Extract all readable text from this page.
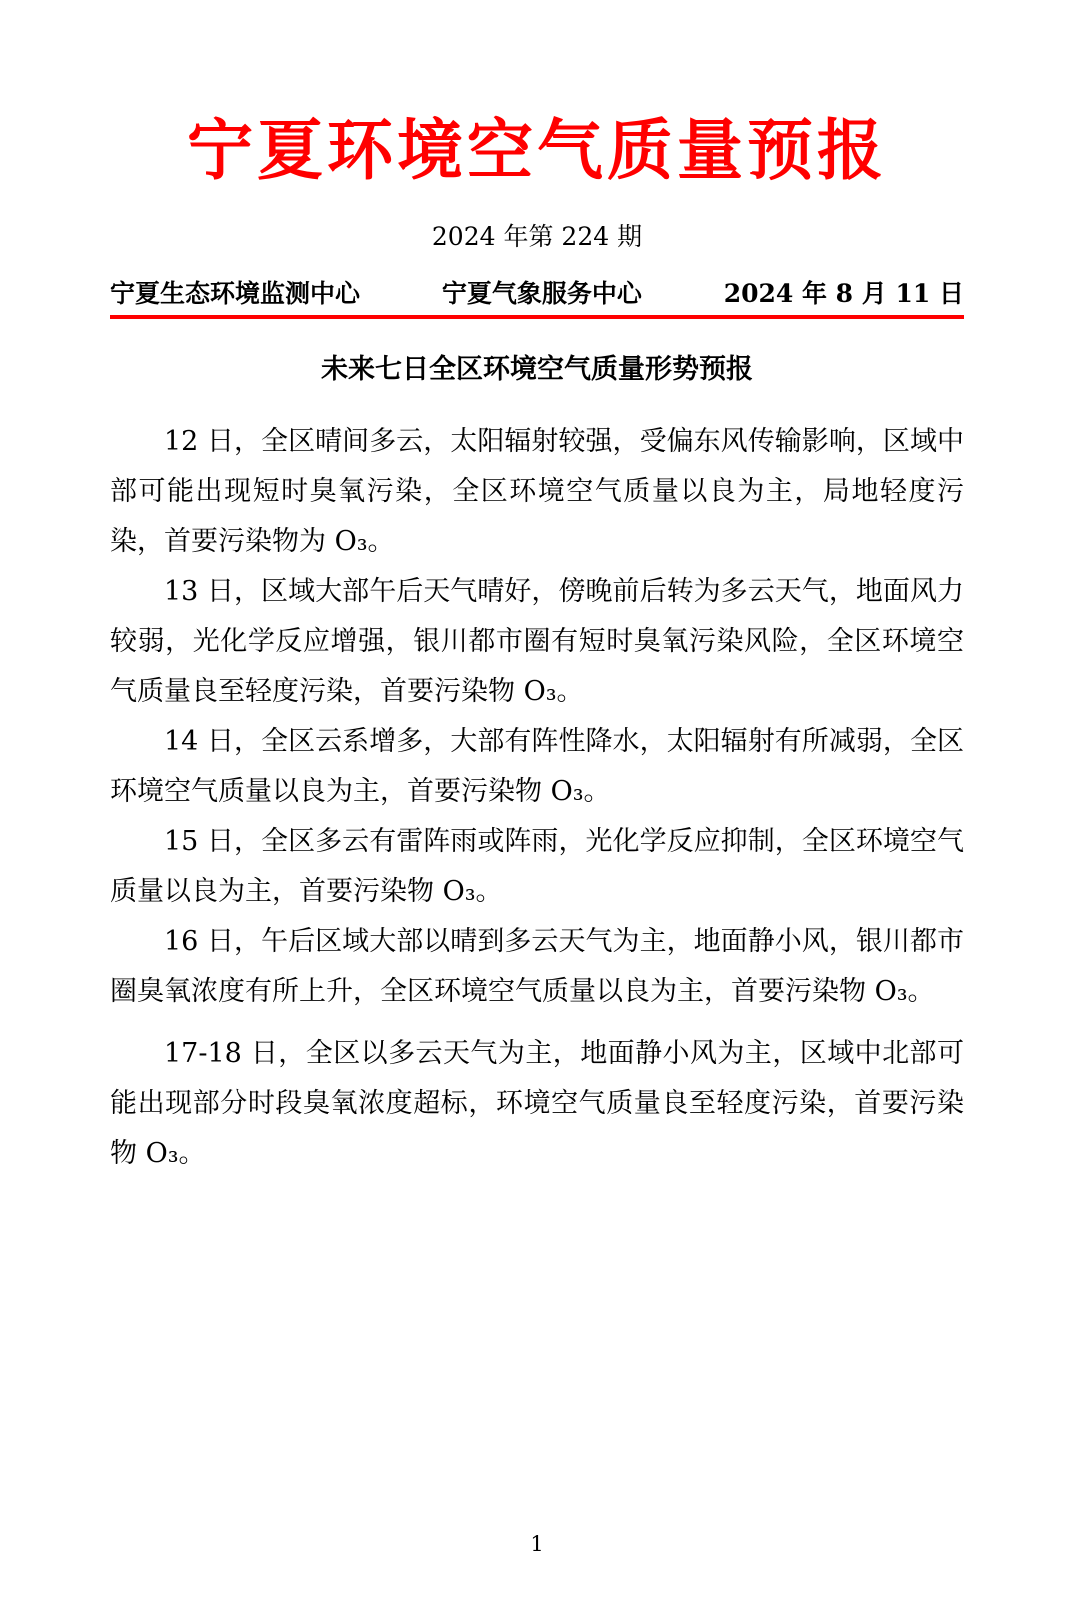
宁夏环境空气质量预报
2024 年第 224 期
宁夏生态环境监测中心	宁夏气象服务中心	2024 年 8 月 11 日
未来七日全区环境空气质量形势预报

12 日，全区晴间多云，太阳辐射较强，受偏东风传输影响，区域中部可能出现短时臭氧污染，全区环境空气质量以良为主，局地轻度污染，首要污染物为 O₃。

13 日，区域大部午后天气晴好，傍晚前后转为多云天气，地面风力较弱，光化学反应增强，银川都市圈有短时臭氧污染风险，全区环境空气质量良至轻度污染，首要污染物 O₃。

14 日，全区云系增多，大部有阵性降水，太阳辐射有所减弱，全区环境空气质量以良为主，首要污染物 O₃。

15 日，全区多云有雷阵雨或阵雨，光化学反应抑制，全区环境空气质量以良为主，首要污染物 O₃。

16 日，午后区域大部以晴到多云天气为主，地面静小风，银川都市圈臭氧浓度有所上升，全区环境空气质量以良为主，首要污染物 O₃。

17-18 日，全区以多云天气为主，地面静小风为主，区域中北部可能出现部分时段臭氧浓度超标，环境空气质量良至轻度污染，首要污染物 O₃。

1
